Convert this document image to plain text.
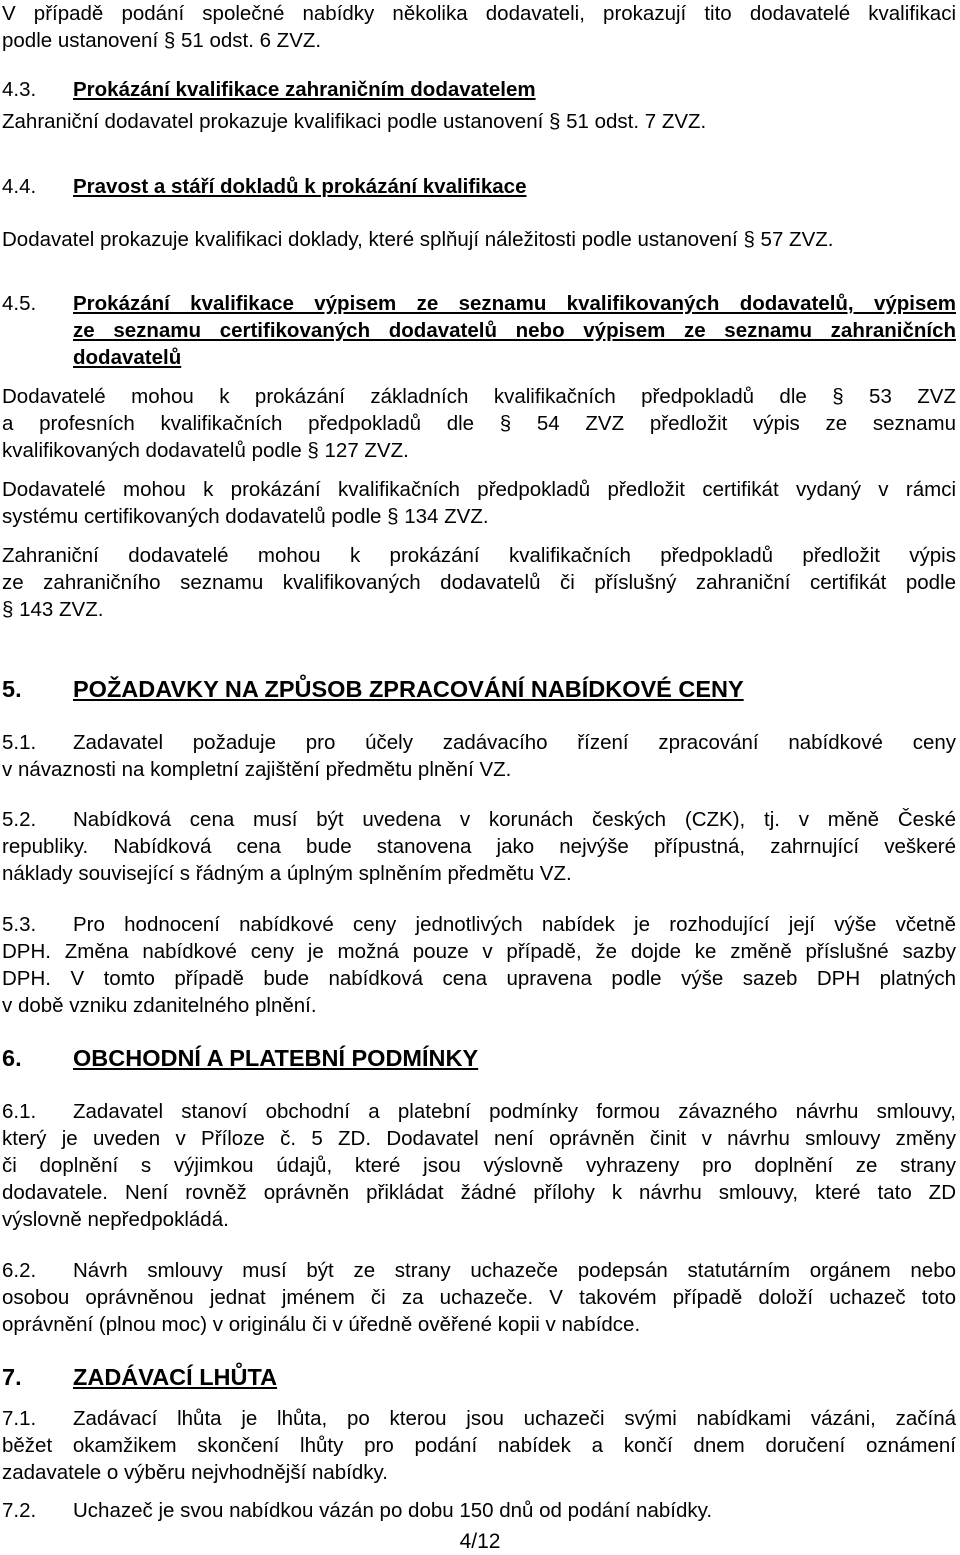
V případě podání společné nabídky několika dodavateli, prokazují tito dodavatelé kvalifikaci
podle ustanovení § 51 odst. 6 ZVZ.
4.3. Prokázání kvalifikace zahraničním dodavatelem
Zahraniční dodavatel prokazuje kvalifikaci podle ustanovení § 51 odst. 7 ZVZ.
4.4. Pravost a stáří dokladů k prokázání kvalifikace
Dodavatel prokazuje kvalifikaci doklady, které splňují náležitosti podle ustanovení § 57 ZVZ.
4.5.	Prokázání kvalifikace výpisem ze seznamu kvalifikovaných dodavatelů, výpisem
ze seznamu certifikovaných dodavatelů nebo výpisem ze seznamu zahraničních
dodavatelů
Dodavatelé mohou k prokázání základních kvalifikačních předpokladů dle § 53 ZVZ
a profesních kvalifikačních předpokladů dle § 54 ZVZ předložit výpis ze seznamu
kvalifikovaných dodavatelů podle § 127 ZVZ.
Dodavatelé mohou k prokázání kvalifikačních předpokladů předložit certifikát vydaný v rámci
systému certifikovaných dodavatelů podle § 134 ZVZ.
Zahraniční dodavatelé mohou k prokázání kvalifikačních předpokladů předložit výpis
ze zahraničního seznamu kvalifikovaných dodavatelů či příslušný zahraniční certifikát podle
§ 143 ZVZ.
5. POŽADAVKY NA ZPŮSOB ZPRACOVÁNÍ NABÍDKOVÉ CENY
5.1. Zadavatel požaduje pro účely zadávacího řízení zpracování nabídkové ceny
v návaznosti na kompletní zajištění předmětu plnění VZ.
5.2. Nabídková cena musí být uvedena v korunách českých (CZK), tj. v měně České
republiky. Nabídková cena bude stanovena jako nejvýše přípustná, zahrnující veškeré
náklady související s řádným a úplným splněním předmětu VZ.
5.3. Pro hodnocení nabídkové ceny jednotlivých nabídek je rozhodující její výše včetně
DPH. Změna nabídkové ceny je možná pouze v případě, že dojde ke změně příslušné sazby
DPH. V tomto případě bude nabídková cena upravena podle výše sazeb DPH platných
v době vzniku zdanitelného plnění.
6. OBCHODNÍ A PLATEBNÍ PODMÍNKY
6.1. Zadavatel stanoví obchodní a platební podmínky formou závazného návrhu smlouvy,
který je uveden v Příloze č. 5 ZD. Dodavatel není oprávněn činit v návrhu smlouvy změny
či doplnění s výjimkou údajů, které jsou výslovně vyhrazeny pro doplnění ze strany
dodavatele. Není rovněž oprávněn přikládat žádné přílohy k návrhu smlouvy, které tato ZD
výslovně nepředpokládá.
6.2. Návrh smlouvy musí být ze strany uchazeče podepsán statutárním orgánem nebo
osobou oprávněnou jednat jménem či za uchazeče. V takovém případě doloží uchazeč toto
oprávnění (plnou moc) v originálu či v úředně ověřené kopii v nabídce.
7. ZADÁVACÍ LHŮTA
7.1. Zadávací lhůta je lhůta, po kterou jsou uchazeči svými nabídkami vázáni, začíná
běžet okamžikem skončení lhůty pro podání nabídek a končí dnem doručení oznámení
zadavatele o výběru nejvhodnější nabídky.
7.2. Uchazeč je svou nabídkou vázán po dobu 150 dnů od podání nabídky.
4/12
